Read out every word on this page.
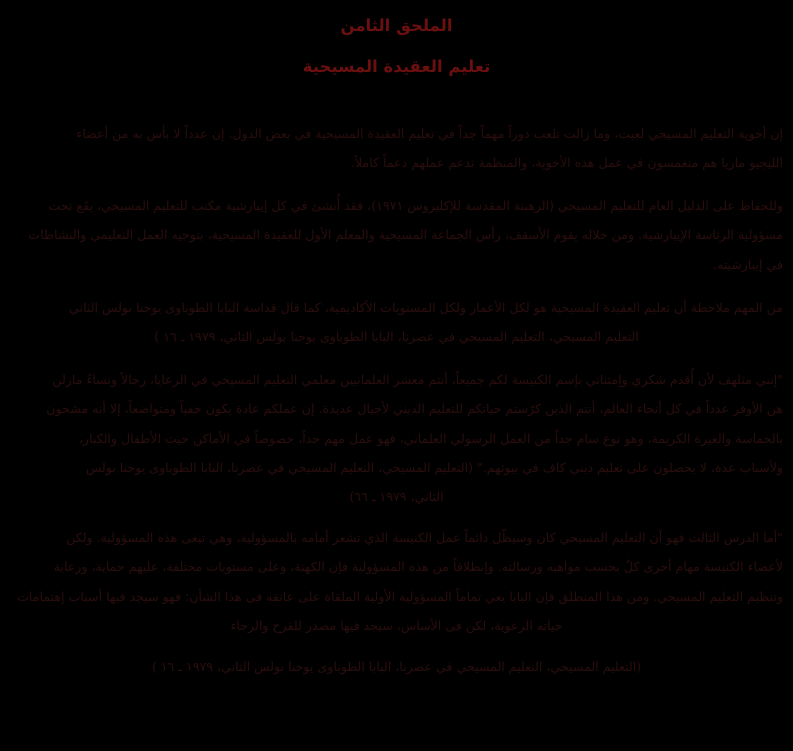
الملحق الثامن
تعليم العقيدة المسيحية

إن أخوية التعليم المسيحي لعبت، وما زالت تلعب دوراً مهماً جداً في تعليم العقيدة المسيحية في بعض الدول. إن عدداً لا بأس به من أعضاء

الليجيو ماريا هم منغمسون في عمل هذه الأخوية، والمنظمة تدعم عملهم دعماً كاملاً.

وللحفاظ على الدليل العام للتعليم المسيحي (الرهبنة المقدسة للإكليروس ١٩٧١)، فقد أُنشئ في كل إيبارشية مكتب للتعليم المسيحي، يقَع تحت

مسؤولية الرئاسة الإيبارشية. ومن خلاله يقوم الأسقف، رأس الجماعة المسيحية والمعلم الأول للعقيدة المسيحية، بتوجيه العمل التعليمي والنشاطات

في إيبارشيته.

من المهم ملاحظة أن تعليم العقيدة المسيحية هو لكل الأعمار ولكل المستويات الأكاديمية، كما قال قداسة البابا الطوباوى يوحنا بولس الثاني

التعليم المسيحي، التعليم المسيحي في عصرنا، البابا الطوباوى يوحنا بولس الثاني، ١٩٧٩ ـ ١٦ )

"إنني مثلهف لأن أُقدم شكري وإمتناني بإسم الكنيسة لكم جميعاً، أنتم معشر العلمانيين معلمي التعليم المسيحي في الرعايا، رجالاً ونساءً مازلن

هن الأوفر عدداً في كل أنحاء العالم، أنتم الذين كرّستم حياتكم للتعليم الديني لأجيال عديدة. إن عملكم عادة يكون خفياً ومتواضعاً، إلا أنه مشحون

بالحماسة والغيرة الكريمة، وهو نوع سام جداً من العمل الرسولي العلماني، فهو عمل مهم جداً، خصوصاً في الأماكن حيث الأطفال والكبار،

ولأسباب عدة، لا يحصلون على تعليم ديني كاف في بيوتهم." (التعليم المسيحي، التعليم المسيحي في عصرنا، البابا الطوباوى يوحنا بولس

الثاني، ١٩٧٩ ـ ٦٦)

"أما الدرس الثالث فهو أن التعليم المسيحي كان وسيظّل دائماً عمل الكنيسة الذي تشعر أمامه بالمسؤولية، وهي تبغى هذه المسؤولية. ولكن

لأعضاء الكنيسة مهام أخرى كلٌ بحسب مواهبه ورسالته. وإنطلاقاً من هذه المسؤولية فإن الكهنة، وعلى مستويات مختلفة، عليهم حماية، ورعاية

وتنظيم التعليم المسيحي. ومن هذا المنطلق فإن البابا يعي تماماً المسؤولية الأولية الملقاة على عاتقه فى هذا الشأن: فهو سيجد فيها أسباب إهتمامات

حياته الرعوية، لكن فى الأساس، سيجد فيها مصدر للفرح والرجاء

(التعليم المسيحي، التعليم المسيحي في عصرنا، البابا الطوباوى يوحنا بولس الثاني، ١٩٧٩ ـ ١٦ )
